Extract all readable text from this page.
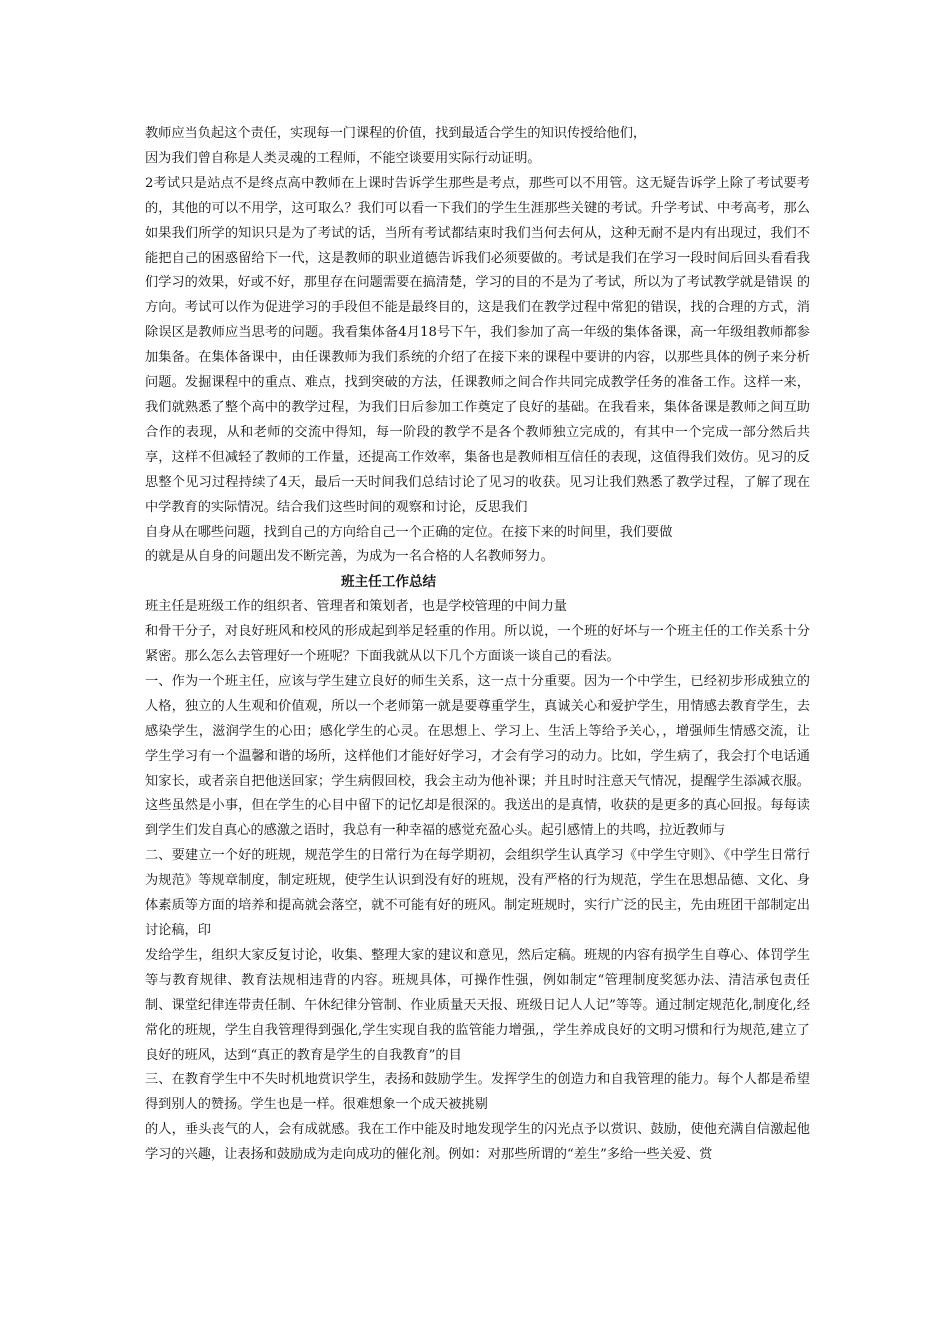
教师应当负起这个责任，实现每一门课程的价值，找到最适合学生的知识传授给他们，

因为我们曾自称是人类灵魂的工程师，不能空谈要用实际行动证明。

2考试只是站点不是终点高中教师在上课时告诉学生那些是考点，那些可以不用管。这无疑告诉学上除了考试要考的，其他的可以不用学，这可取么？我们可以看一下我们的学生生涯那些关键的考试。升学考试、中考高考，那么如果我们所学的知识只是为了考试的话，当所有考试都结束时我们当何去何从，这种无耐不是内有出现过，我们不能把自己的困惑留给下一代，这是教师的职业道德告诉我们必须要做的。考试是我们在学习一段时间后回头看看我们学习的效果，好或不好，那里存在问题需要在搞清楚，学习的目的不是为了考试，所以为了考试教学就是错误 的方向。考试可以作为促进学习的手段但不能是最终目的，这是我们在教学过程中常犯的错误，找的合理的方式，消除误区是教师应当思考的问题。我看集体备4月18号下午，我们参加了高一年级的集体备课，高一年级组教师都参加集备。在集体备课中，由任课教师为我们系统的介绍了在接下来的课程中要讲的内容，以那些具体的例子来分析问题。发掘课程中的重点、难点，找到突破的方法，任课教师之间合作共同完成教学任务的准备工作。这样一来，我们就熟悉了整个高中的教学过程，为我们日后参加工作奠定了良好的基础。在我看来，集体备课是教师之间互助合作的表现，从和老师的交流中得知，每一阶段的教学不是各个教师独立完成的，有其中一个完成一部分然后共享，这样不但减轻了教师的工作量，还提高工作效率，集备也是教师相互信任的表现，这值得我们效仿。见习的反思整个见习过程持续了4天，最后一天时间我们总结讨论了见习的收获。见习让我们熟悉了教学过程，了解了现在中学教育的实际情况。结合我们这些时间的观察和讨论，反思我们

自身从在哪些问题，找到自己的方向给自己一个正确的定位。在接下来的时间里，我们要做

的就是从自身的问题出发不断完善，为成为一名合格的人名教师努力。

班主任工作总结

班主任是班级工作的组织者、管理者和策划者，也是学校管理的中间力量

和骨干分子，对良好班风和校风的形成起到举足轻重的作用。所以说，一个班的好坏与一个班主任的工作关系十分紧密。那么怎么去管理好一个班呢？下面我就从以下几个方面谈一谈自己的看法。

一、作为一个班主任，应该与学生建立良好的师生关系，这一点十分重要。因为一个中学生，已经初步形成独立的人格，独立的人生观和价值观，所以一个老师第一就是要尊重学生，真诚关心和爱护学生，用情感去教育学生，去感染学生，滋润学生的心田；感化学生的心灵。在思想上、学习上、生活上等给予关心，，增强师生情感交流，让学生学习有一个温馨和谐的场所，这样他们才能好好学习，才会有学习的动力。比如，学生病了，我会打个电话通知家长，或者亲自把他送回家；学生病假回校，我会主动为他补课；并且时时注意天气情况，提醒学生添减衣服。这些虽然是小事，但在学生的心目中留下的记忆却是很深的。我送出的是真情，收获的是更多的真心回报。每每读到学生们发自真心的感激之语时，我总有一种幸福的感觉充盈心头。起引感情上的共鸣，拉近教师与

二、要建立一个好的班规，规范学生的日常行为在每学期初，会组织学生认真学习《中学生守则》、《中学生日常行为规范》等规章制度，制定班规，使学生认识到没有好的班规，没有严格的行为规范，学生在思想品德、文化、身体素质等方面的培养和提高就会落空，就不可能有好的班风。制定班规时，实行广泛的民主，先由班团干部制定出讨论稿，印

发给学生，组织大家反复讨论，收集、整理大家的建议和意见，然后定稿。班规的内容有损学生自尊心、体罚学生等与教育规律、教育法规相违背的内容。班规具体，可操作性强，例如制定“管理制度奖惩办法、清洁承包责任制、课堂纪律连带责任制、午休纪律分管制、作业质量天天报、班级日记人人记”等等。通过制定规范化,制度化,经常化的班规，学生自我管理得到强化,学生实现自我的监管能力增强,，学生养成良好的文明习惯和行为规范,建立了良好的班风，达到“真正的教育是学生的自我教育”的目

三、在教育学生中不失时机地赏识学生，表扬和鼓励学生。发挥学生的创造力和自我管理的能力。每个人都是希望得到别人的赞扬。学生也是一样。很难想象一个成天被挑剔

的人，垂头丧气的人，会有成就感。我在工作中能及时地发现学生的闪光点予以赏识、鼓励，使他充满自信激起他学习的兴趣，让表扬和鼓励成为走向成功的催化剂。例如：对那些所谓的“差生”多给一些关爱、赏
